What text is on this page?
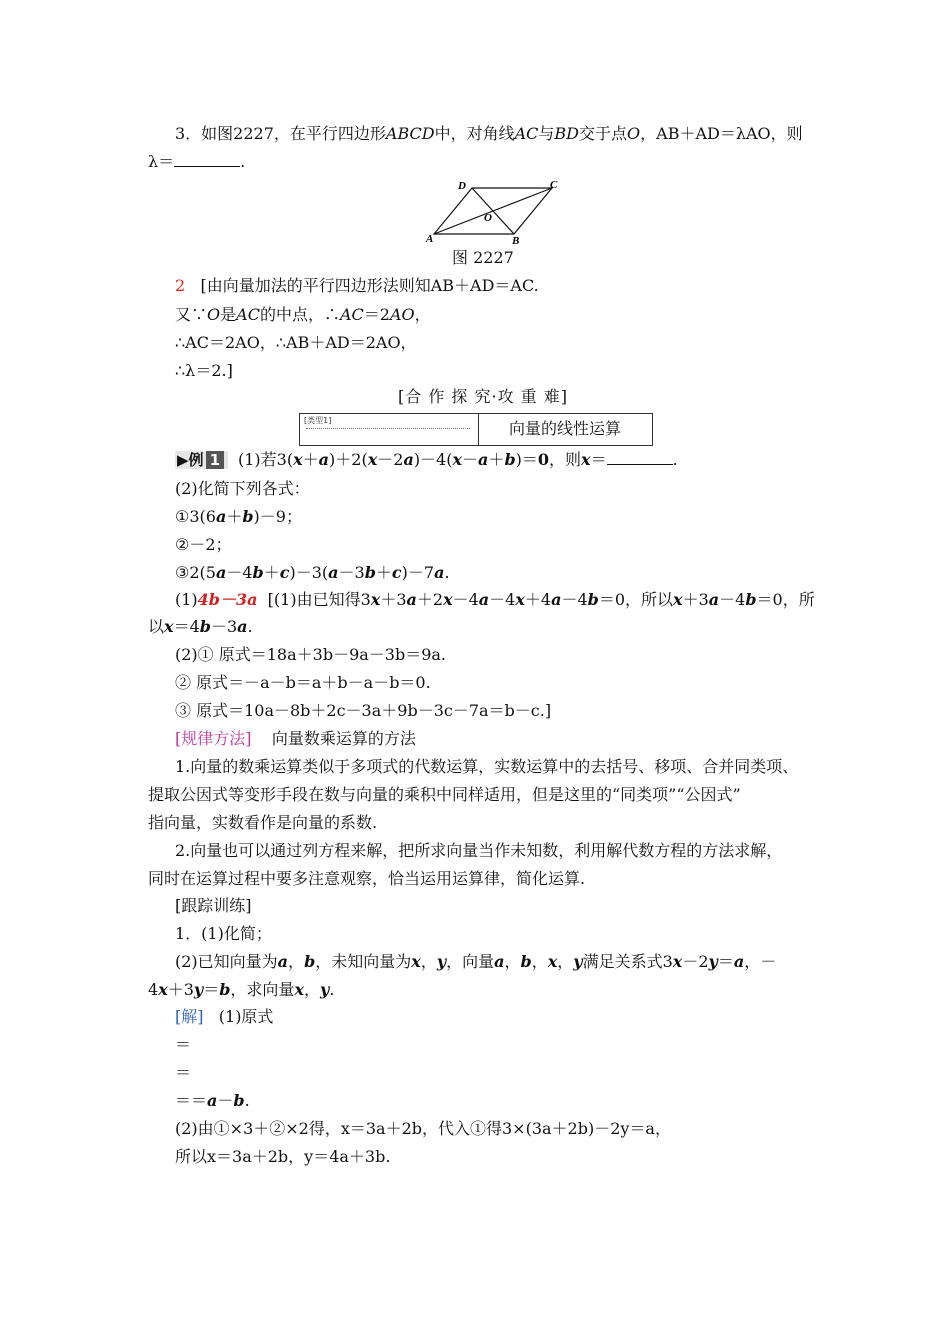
3．如图2227，在平行四边形ABCD中，对角线AC与BD交于点O，AB＋AD＝λAO，则
λ＝	.
A	B
C
D
O
图 2227
2 [由向量加法的平行四边形法则知AB＋AD＝AC.
又∵O是AC的中点，∴AC＝2AO，
∴AC＝2AO，∴AB＋AD＝2AO，
∴λ＝2.]
[合 作 探 究·攻 重 难]
[类型1]	向量的线性运算
▶例 1 (1)若3(x＋a)＋2(x－2a)－4(x－a＋b)＝0，则x＝	.
(2)化简下列各式：
①3(6a＋b)－9；
②－2；
③2(5a－4b＋c)－3(a－3b＋c)－7a.
(1)4b－3a [(1)由已知得3x＋3a＋2x－4a－4x＋4a－4b＝0，所以x＋3a－4b＝0，所
以x＝4b－3a.
(2)① 原式＝18a＋3b－9a－3b＝9a.
② 原式＝－a－b＝a＋b－a－b＝0.
③ 原式＝10a－8b＋2c－3a＋9b－3c－7a＝b－c.]
[规律方法] 向量数乘运算的方法
1.向量的数乘运算类似于多项式的代数运算，实数运算中的去括号、移项、合并同类项、
提取公因式等变形手段在数与向量的乘积中同样适用，但是这里的“同类项”“公因式”
指向量，实数看作是向量的系数.
2.向量也可以通过列方程来解，把所求向量当作未知数，利用解代数方程的方法求解，
同时在运算过程中要多注意观察，恰当运用运算律，简化运算.
[跟踪训练]
1．(1)化简；
(2)已知向量为a，b，未知向量为x，y，向量a，b，x，y满足关系式3x－2y＝a，－
4x＋3y＝b，求向量x，y.
[解] (1)原式
＝
＝
＝＝a－b.
(2)由①×3＋②×2得，x＝3a＋2b，代入①得3×(3a＋2b)－2y＝a，
所以x＝3a＋2b，y＝4a＋3b.
